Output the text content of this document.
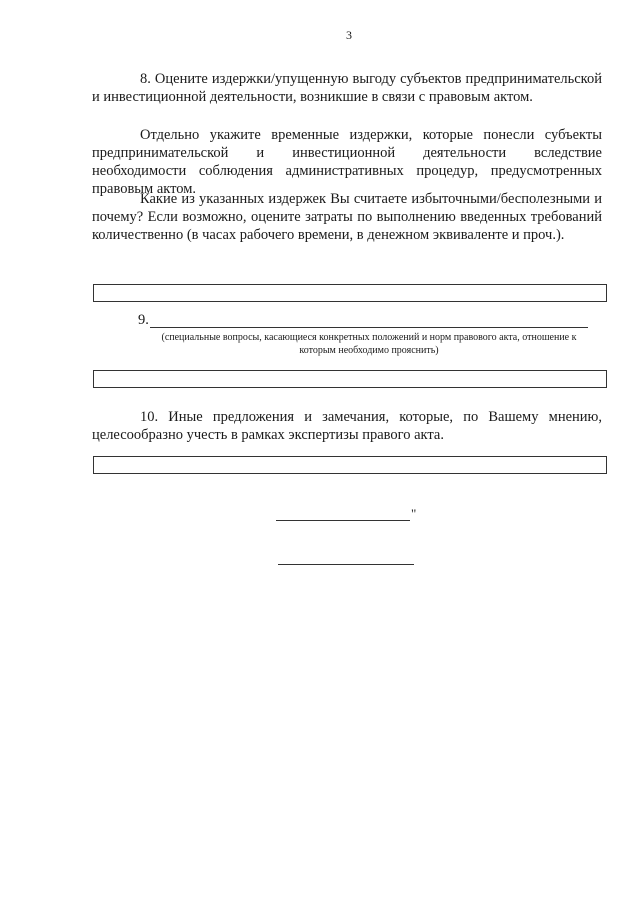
3
8. Оцените издержки/упущенную выгоду субъектов предпринимательской и инвестиционной деятельности, возникшие в связи с правовым актом.
Отдельно укажите временные издержки, которые понесли субъекты предпринимательской и инвестиционной деятельности вследствие необходимости соблюдения административных процедур, предусмотренных правовым актом.
Какие из указанных издержек Вы считаете избыточными/бесполезными и почему? Если возможно, оцените затраты по выполнению введенных требований количественно (в часах рабочего времени, в денежном эквиваленте и проч.).
9.
(специальные вопросы, касающиеся конкретных положений и норм правового акта, отношение к которым необходимо прояснить)
10. Иные предложения и замечания, которые, по Вашему мнению, целесообразно учесть в рамках экспертизы правого акта.
"
